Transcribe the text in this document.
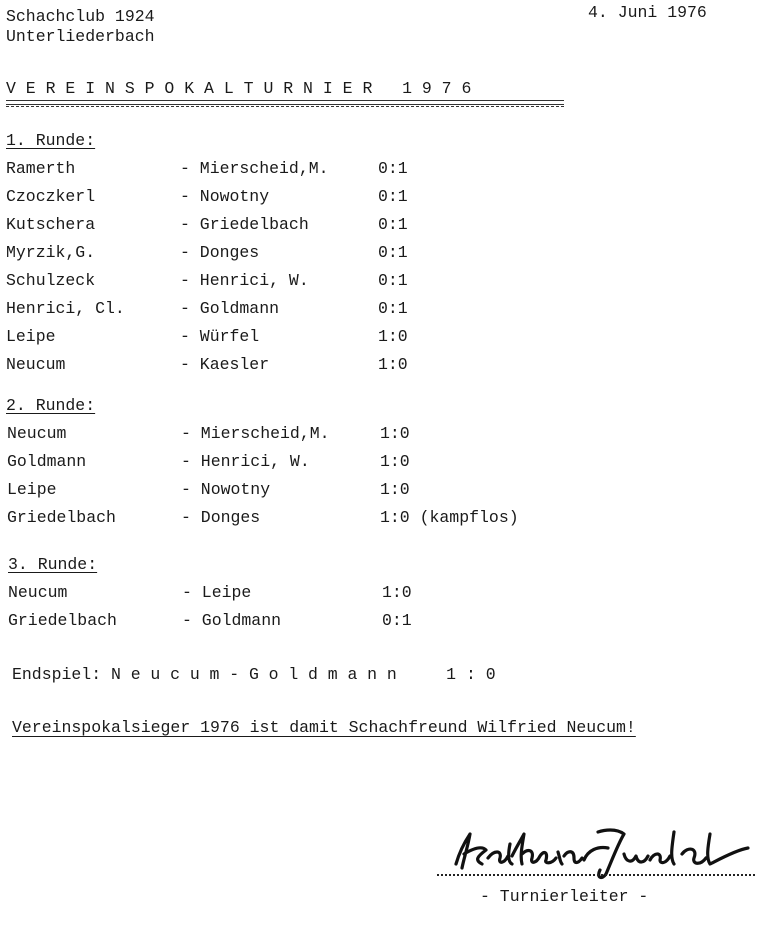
Schachclub 1924
Unterliederbach
4. Juni 1976
V E R E I N S P O K A L T U R N I E R   1 9 7 6
1. Runde:
Ramerth	- Mierscheid,M.	0:1
Czoczkerl	- Nowotny	0:1
Kutschera	- Griedelbach	0:1
Myrzik,G.	- Donges	0:1
Schulzeck	- Henrici, W.	0:1
Henrici, Cl.	- Goldmann	0:1
Leipe	- Würfel	1:0
Neucum	- Kaesler	1:0
2. Runde:
Neucum	- Mierscheid,M.	1:0
Goldmann	- Henrici, W.	1:0
Leipe	- Nowotny	1:0
Griedelbach	- Donges	1:0 (kampflos)
3. Runde:
Neucum	- Leipe	1:0
Griedelbach	- Goldmann	0:1
Endspiel: Neucum-Goldmann 1 : 0
Vereinspokalsieger 1976 ist damit Schachfreund Wilfried Neucum!
- Turnierleiter -
